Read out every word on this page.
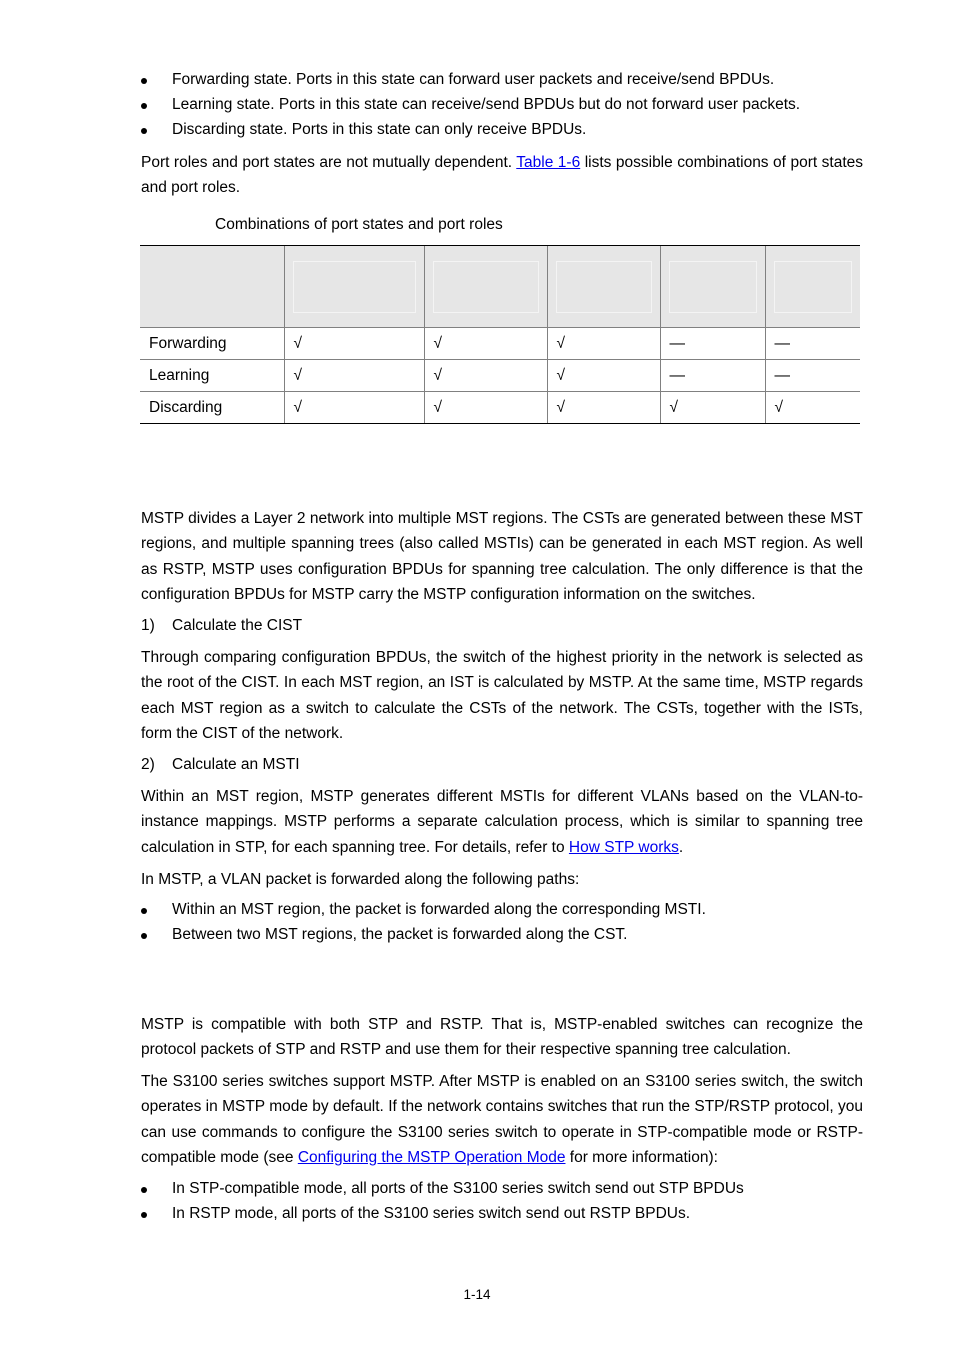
Forwarding state. Ports in this state can forward user packets and receive/send BPDUs.
Learning state. Ports in this state can receive/send BPDUs but do not forward user packets.
Discarding state. Ports in this state can only receive BPDUs.
Port roles and port states are not mutually dependent. Table 1-6 lists possible combinations of port states and port roles.
Combinations of port states and port roles

Forwarding	√	√	√	—	—
Learning	√	√	√	—	—
Discarding	√	√	√	√	√
MSTP divides a Layer 2 network into multiple MST regions. The CSTs are generated between these MST regions, and multiple spanning trees (also called MSTIs) can be generated in each MST region. As well as RSTP, MSTP uses configuration BPDUs for spanning tree calculation. The only difference is that the configuration BPDUs for MSTP carry the MSTP configuration information on the switches.
1) Calculate the CIST
Through comparing configuration BPDUs, the switch of the highest priority in the network is selected as the root of the CIST. In each MST region, an IST is calculated by MSTP. At the same time, MSTP regards each MST region as a switch to calculate the CSTs of the network. The CSTs, together with the ISTs, form the CIST of the network.
2) Calculate an MSTI
Within an MST region, MSTP generates different MSTIs for different VLANs based on the VLAN-to-instance mappings. MSTP performs a separate calculation process, which is similar to spanning tree calculation in STP, for each spanning tree. For details, refer to How STP works.
In MSTP, a VLAN packet is forwarded along the following paths:
Within an MST region, the packet is forwarded along the corresponding MSTI.
Between two MST regions, the packet is forwarded along the CST.
MSTP is compatible with both STP and RSTP. That is, MSTP-enabled switches can recognize the protocol packets of STP and RSTP and use them for their respective spanning tree calculation.
The S3100 series switches support MSTP. After MSTP is enabled on an S3100 series switch, the switch operates in MSTP mode by default. If the network contains switches that run the STP/RSTP protocol, you can use commands to configure the S3100 series switch to operate in STP-compatible mode or RSTP-compatible mode (see Configuring the MSTP Operation Mode for more information):
In STP-compatible mode, all ports of the S3100 series switch send out STP BPDUs
In RSTP mode, all ports of the S3100 series switch send out RSTP BPDUs.
1-14
